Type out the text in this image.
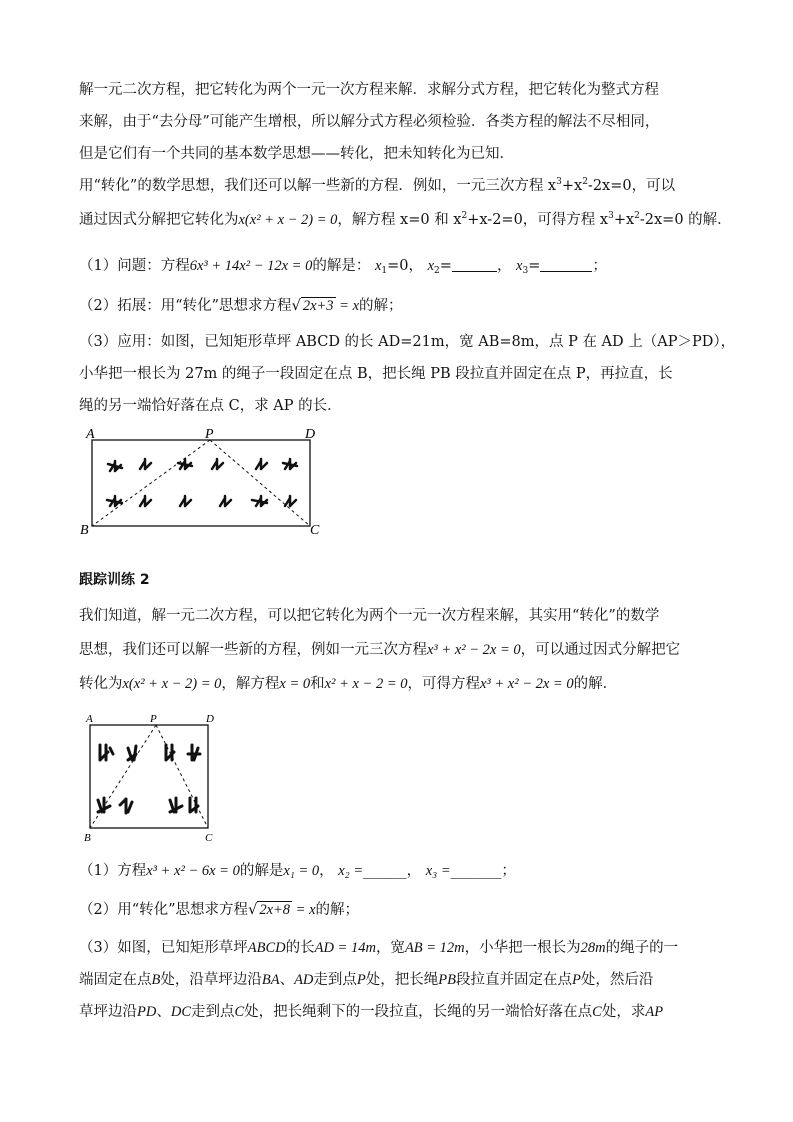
解一元二次方程，把它转化为两个一元一次方程来解．求解分式方程，把它转化为整式方程
来解，由于“去分母”可能产生增根，所以解分式方程必须检验．各类方程的解法不尽相同，
但是它们有一个共同的基本数学思想——转化，把未知转化为已知．
用“转化”的数学思想，我们还可以解一些新的方程．例如，一元三次方程 $x^3+x^2-2x=0$，可以
通过因式分解把它转化为x(x² + x − 2) = 0，解方程 x=0 和 $x^2+x-2=0$，可得方程 $x^3+x^2-2x=0$ 的解．
（1）问题：方程6x³ + 14x² − 12x = 0的解是： $x_1=0$， $x_2=$	， $x_3=$	；
（2）拓展：用“转化”思想求方程√ 2x+3 = x的解；
（3）应用：如图，已知矩形草坪 ABCD 的长 AD=21m，宽 AB=8m，点 P 在 AD 上（AP＞PD），
小华把一根长为 27m 的绳子一段固定在点 B，把长绳 PB 段拉直并固定在点 P，再拉直，长
绳的另一端恰好落在点 C，求 AP 的长．
A	P	D
B	C
跟踪训练 2
我们知道，解一元二次方程，可以把它转化为两个一元一次方程来解，其实用“转化”的数学
思想，我们还可以解一些新的方程，例如一元三次方程x³ + x² − 2x = 0，可以通过因式分解把它
转化为x(x² + x − 2) = 0，解方程x = 0和x² + x − 2 = 0，可得方程x³ + x² − 2x = 0的解．
A	P	D
B	C
（1）方程x³ + x² − 6x = 0的解是x₁ = 0， x₂ =______， x₃ =_______；
（2）用“转化”思想求方程√ 2x+8 = x的解；
（3）如图，已知矩形草坪ABCD的长AD = 14m，宽AB = 12m，小华把一根长为28m的绳子的一
端固定在点B处，沿草坪边沿BA、AD走到点P处，把长绳PB段拉直并固定在点P处，然后沿
草坪边沿PD、DC走到点C处，把长绳剩下的一段拉直，长绳的另一端恰好落在点C处，求AP
